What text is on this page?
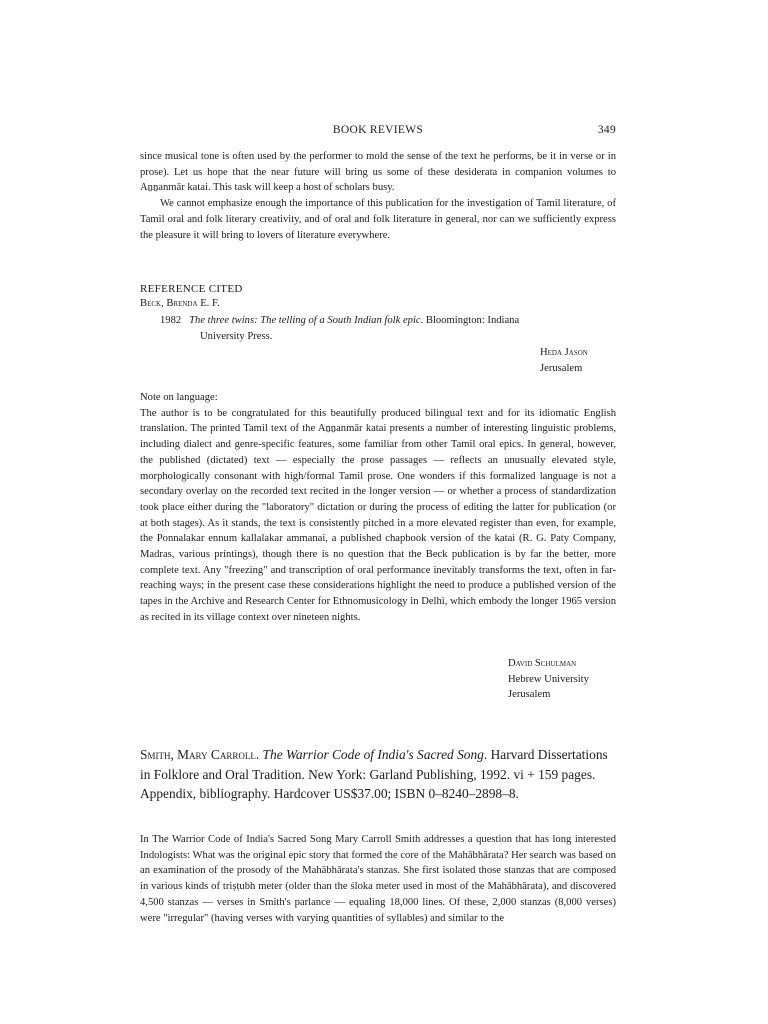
BOOK REVIEWS	349

since musical tone is often used by the performer to mold the sense of the text he performs, be it in verse or in prose). Let us hope that the near future will bring us some of these desiderata in companion volumes to Aṉṉanmār katai. This task will keep a host of scholars busy.

We cannot emphasize enough the importance of this publication for the investigation of Tamil literature, of Tamil oral and folk literary creativity, and of oral and folk literature in general, nor can we sufficiently express the pleasure it will bring to lovers of literature everywhere.

REFERENCE CITED
Beck, Brenda E. F.
1982 The three twins: The telling of a South Indian folk epic. Bloomington: Indiana
University Press.
Heda Jason
Jerusalem
Note on language:

The author is to be congratulated for this beautifully produced bilingual text and for its idiomatic English translation. The printed Tamil text of the Aṉṉanmār katai presents a number of interesting linguistic problems, including dialect and genre-specific features, some familiar from other Tamil oral epics. In general, however, the published (dictated) text — especially the prose passages — reflects an unusually elevated style, morphologically consonant with high/formal Tamil prose. One wonders if this formalized language is not a secondary overlay on the recorded text recited in the longer version — or whether a process of standardization took place either during the "laboratory" dictation or during the process of editing the latter for publication (or at both stages). As it stands, the text is consistently pitched in a more elevated register than even, for example, the Ponnalakar ennum kallalakar ammanai, a published chapbook version of the katai (R. G. Paty Company, Madras, various printings), though there is no question that the Beck publication is by far the better, more complete text. Any "freezing" and transcription of oral performance inevitably transforms the text, often in far-reaching ways; in the present case these considerations highlight the need to produce a published version of the tapes in the Archive and Research Center for Ethnomusicology in Delhi, which embody the longer 1965 version as recited in its village context over nineteen nights.

David Schulman
Hebrew University
Jerusalem

Smith, Mary Carroll. The Warrior Code of India's Sacred Song. Harvard Dissertations in Folklore and Oral Tradition. New York: Garland Publishing, 1992. vi + 159 pages. Appendix, bibliography. Hardcover US$37.00; ISBN 0–8240–2898–8.

In The Warrior Code of India's Sacred Song Mary Carroll Smith addresses a question that has long interested Indologists: What was the original epic story that formed the core of the Mahābhārata? Her search was based on an examination of the prosody of the Mahābhārata's stanzas. She first isolated those stanzas that are composed in various kinds of triṣṭubh meter (older than the śloka meter used in most of the Mahābhārata), and discovered 4,500 stanzas — verses in Smith's parlance — equaling 18,000 lines. Of these, 2,000 stanzas (8,000 verses) were "irregular" (having verses with varying quantities of syllables) and similar to the
